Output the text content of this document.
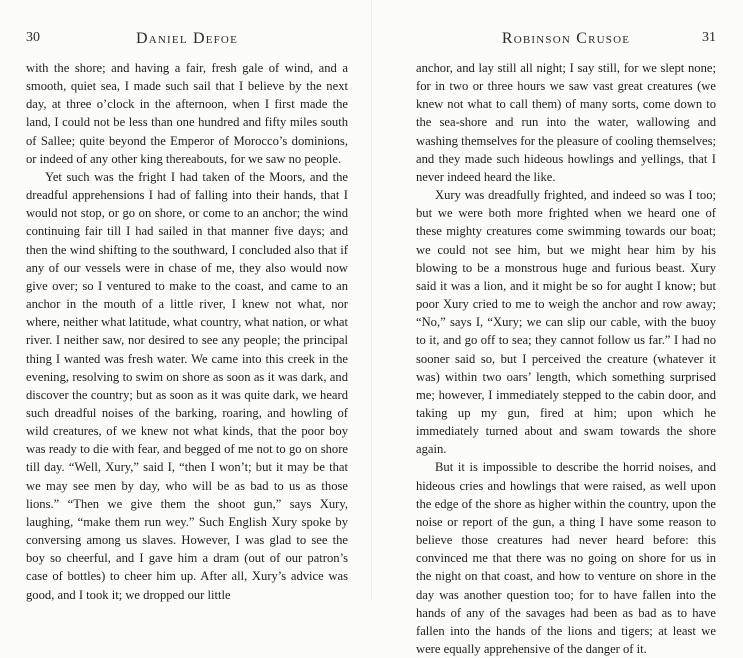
30	Daniel Defoe

with the shore; and having a fair, fresh gale of wind, and a smooth, quiet sea, I made such sail that I believe by the next day, at three o’clock in the afternoon, when I first made the land, I could not be less than one hundred and fifty miles south of Sallee; quite beyond the Emperor of Morocco’s dominions, or indeed of any other king thereabouts, for we saw no people.

Yet such was the fright I had taken of the Moors, and the dreadful apprehensions I had of falling into their hands, that I would not stop, or go on shore, or come to an anchor; the wind continuing fair till I had sailed in that manner five days; and then the wind shifting to the southward, I concluded also that if any of our vessels were in chase of me, they also would now give over; so I ventured to make to the coast, and came to an anchor in the mouth of a little river, I knew not what, nor where, neither what latitude, what country, what nation, or what river. I neither saw, nor desired to see any people; the principal thing I wanted was fresh water. We came into this creek in the evening, resolving to swim on shore as soon as it was dark, and discover the country; but as soon as it was quite dark, we heard such dreadful noises of the barking, roaring, and howling of wild creatures, of we knew not what kinds, that the poor boy was ready to die with fear, and begged of me not to go on shore till day. “Well, Xury,” said I, “then I won’t; but it may be that we may see men by day, who will be as bad to us as those lions.” “Then we give them the shoot gun,” says Xury, laughing, “make them run wey.” Such English Xury spoke by conversing among us slaves. However, I was glad to see the boy so cheerful, and I gave him a dram (out of our patron’s case of bottles) to cheer him up. After all, Xury’s advice was good, and I took it; we dropped our little

Robinson Crusoe	31

anchor, and lay still all night; I say still, for we slept none; for in two or three hours we saw vast great creatures (we knew not what to call them) of many sorts, come down to the sea-shore and run into the water, wallowing and washing themselves for the pleasure of cooling themselves; and they made such hideous howlings and yellings, that I never indeed heard the like.

Xury was dreadfully frighted, and indeed so was I too; but we were both more frighted when we heard one of these mighty creatures come swimming towards our boat; we could not see him, but we might hear him by his blowing to be a monstrous huge and furious beast. Xury said it was a lion, and it might be so for aught I know; but poor Xury cried to me to weigh the anchor and row away; “No,” says I, “Xury; we can slip our cable, with the buoy to it, and go off to sea; they cannot follow us far.” I had no sooner said so, but I perceived the creature (whatever it was) within two oars’ length, which something surprised me; however, I immediately stepped to the cabin door, and taking up my gun, fired at him; upon which he immediately turned about and swam towards the shore again.

But it is impossible to describe the horrid noises, and hideous cries and howlings that were raised, as well upon the edge of the shore as higher within the country, upon the noise or report of the gun, a thing I have some reason to believe those creatures had never heard before: this convinced me that there was no going on shore for us in the night on that coast, and how to venture on shore in the day was another question too; for to have fallen into the hands of any of the savages had been as bad as to have fallen into the hands of the lions and tigers; at least we were equally apprehensive of the danger of it.
